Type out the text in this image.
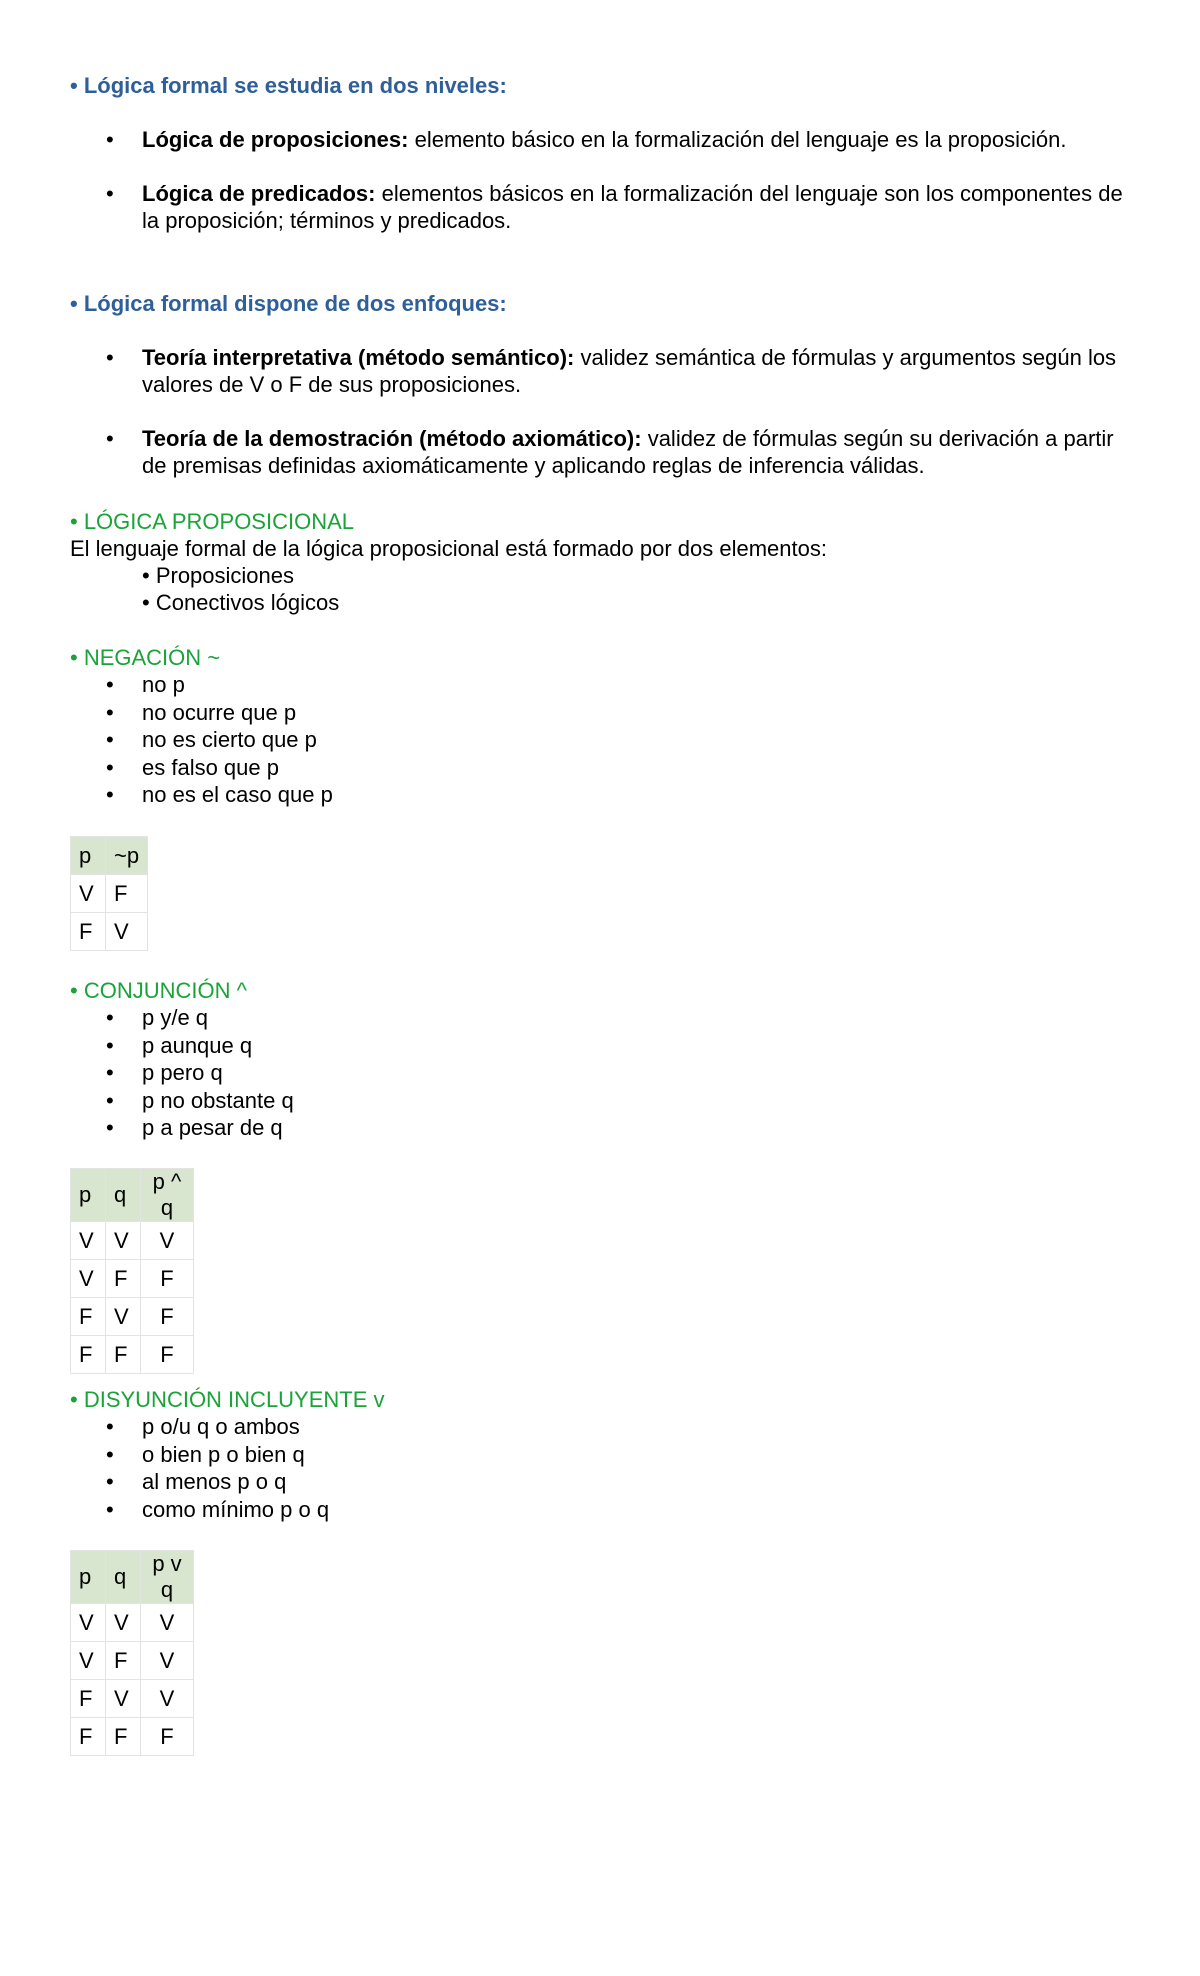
• Lógica formal se estudia en dos niveles:
• Lógica de proposiciones: elemento básico en la formalización del lenguaje es la proposición.
• Lógica de predicados: elementos básicos en la formalización del lenguaje son los componentes de la proposición; términos y predicados.
• Lógica formal dispone de dos enfoques:
• Teoría interpretativa (método semántico): validez semántica de fórmulas y argumentos según los valores de V o F de sus proposiciones.
• Teoría de la demostración (método axiomático): validez de fórmulas según su derivación a partir de premisas definidas axiomáticamente y aplicando reglas de inferencia válidas.
• LÓGICA PROPOSICIONAL
El lenguaje formal de la lógica proposicional está formado por dos elementos:
• Proposiciones
• Conectivos lógicos
• NEGACIÓN ~
• no p
• no ocurre que p
• no es cierto que p
• es falso que p
• no es el caso que p
p	~p
V	F
F	V
• CONJUNCIÓN ^
• p y/e q
• p aunque q
• p pero q
• p no obstante q
• p a pesar de q
p	q	p ^ q
V	V	V
V	F	F
F	V	F
F	F	F
• DISYUNCIÓN INCLUYENTE v
• p o/u q o ambos
• o bien p o bien q
• al menos p o q
• como mínimo p o q
p	q	p v q
V	V	V
V	F	V
F	V	V
F	F	F
